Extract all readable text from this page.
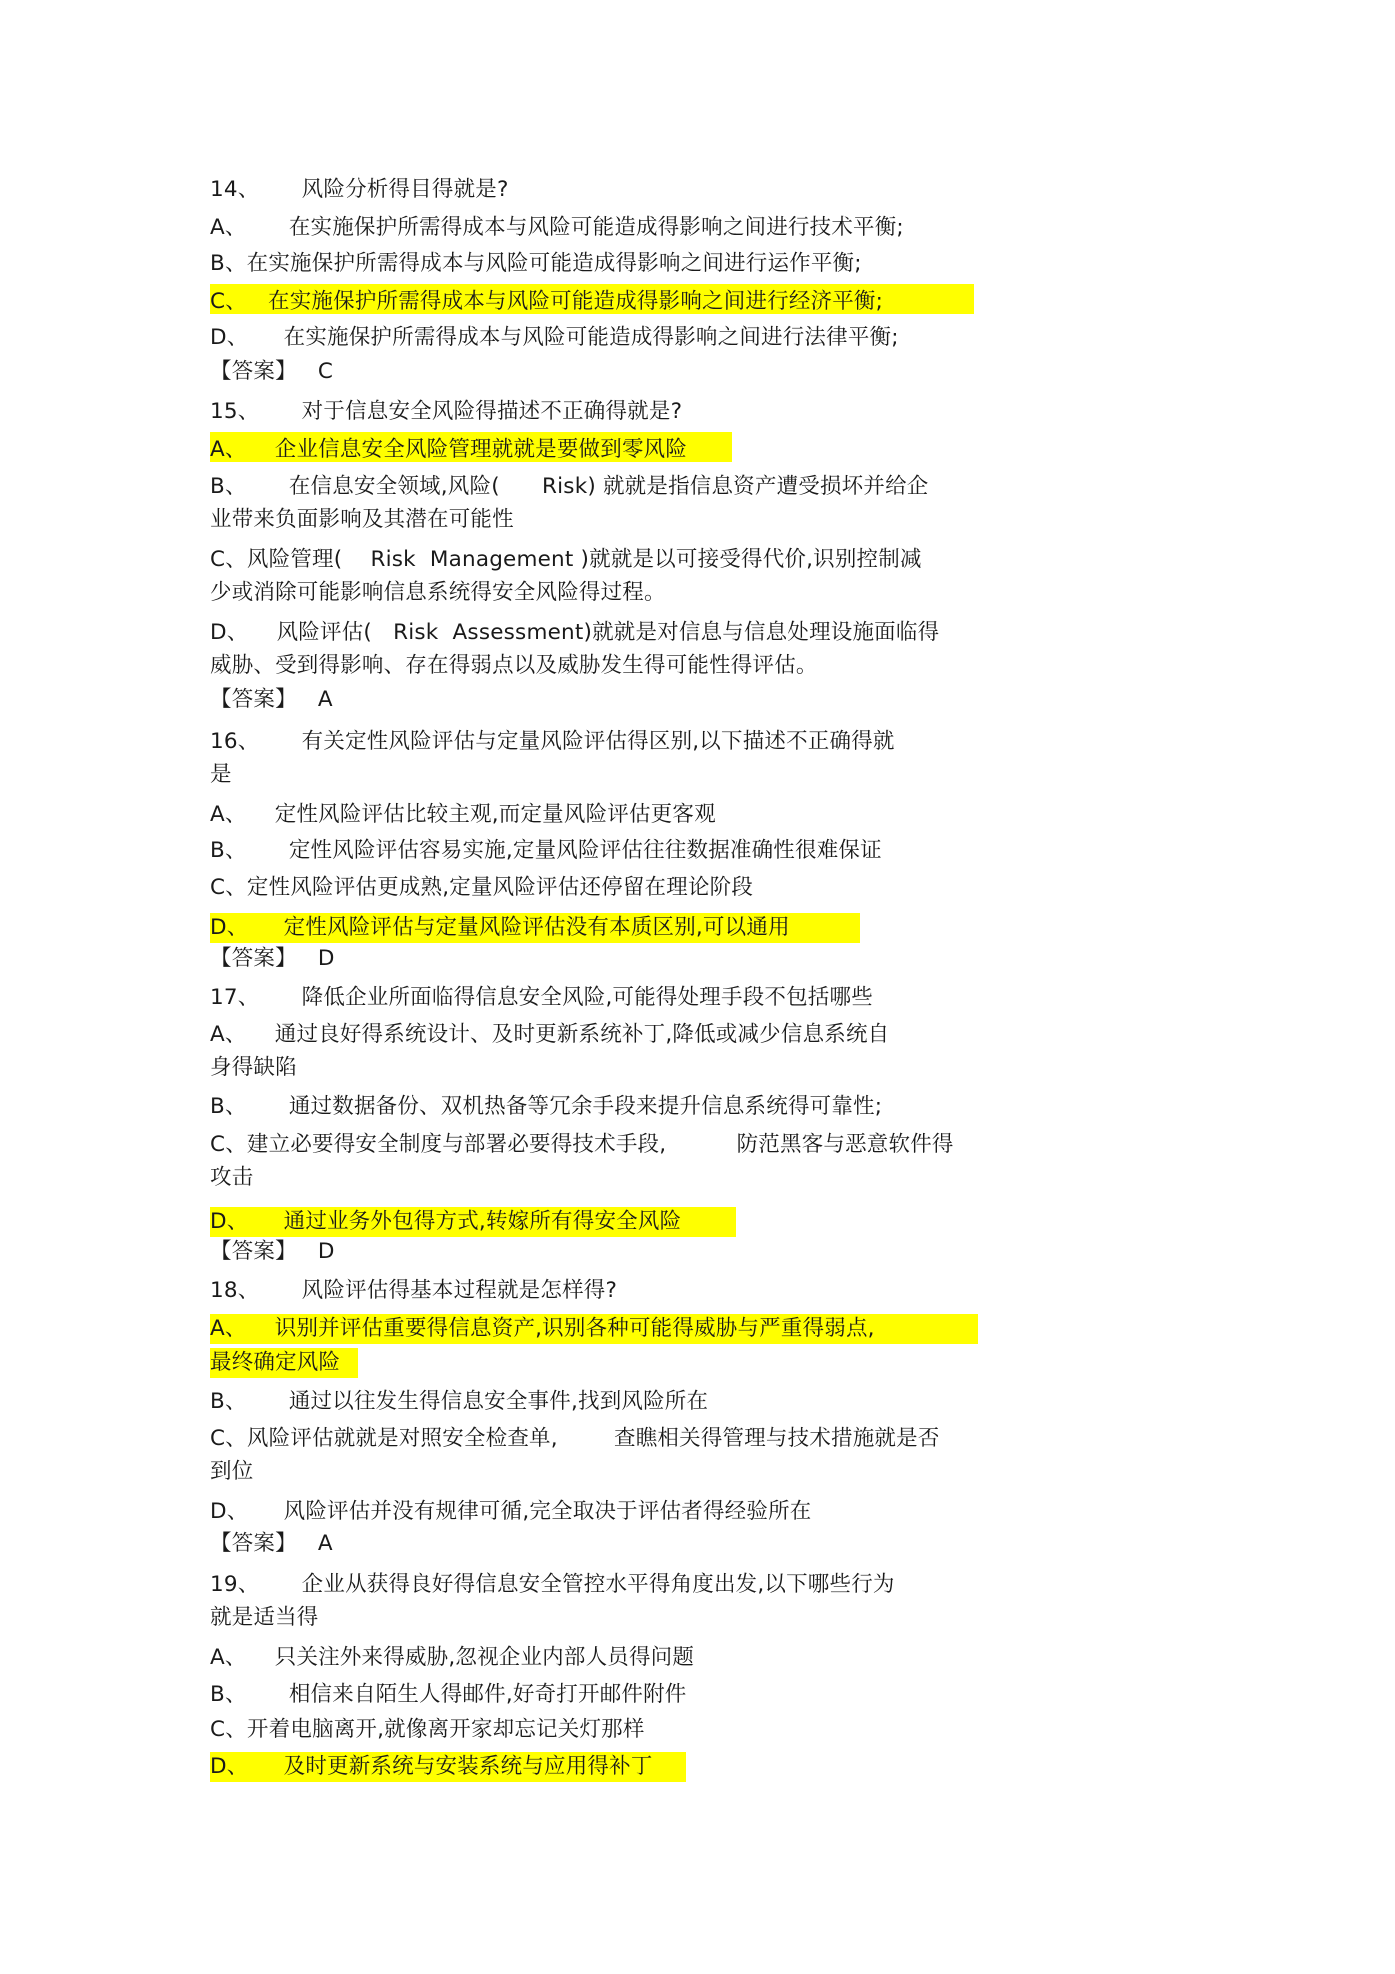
14、      风险分析得目得就是?
A、      在实施保护所需得成本与风险可能造成得影响之间进行技术平衡;
B、在实施保护所需得成本与风险可能造成得影响之间进行运作平衡;
C、   在实施保护所需得成本与风险可能造成得影响之间进行经济平衡;
D、     在实施保护所需得成本与风险可能造成得影响之间进行法律平衡;
【答案】   C
15、      对于信息安全风险得描述不正确得就是?
A、    企业信息安全风险管理就就是要做到零风险
B、      在信息安全领域,风险(      Risk) 就就是指信息资产遭受损坏并给企
业带来负面影响及其潜在可能性
C、风险管理(    Risk  Management )就就是以可接受得代价,识别控制减
少或消除可能影响信息系统得安全风险得过程。
D、    风险评估(   Risk  Assessment)就就是对信息与信息处理设施面临得
威胁、受到得影响、存在得弱点以及威胁发生得可能性得评估。
【答案】   A
16、      有关定性风险评估与定量风险评估得区别,以下描述不正确得就
是
A、    定性风险评估比较主观,而定量风险评估更客观
B、      定性风险评估容易实施,定量风险评估往往数据准确性很难保证
C、定性风险评估更成熟,定量风险评估还停留在理论阶段
D、     定性风险评估与定量风险评估没有本质区别,可以通用
【答案】   D
17、      降低企业所面临得信息安全风险,可能得处理手段不包括哪些
A、    通过良好得系统设计、及时更新系统补丁,降低或减少信息系统自
身得缺陷
B、      通过数据备份、双机热备等冗余手段来提升信息系统得可靠性;
C、建立必要得安全制度与部署必要得技术手段,          防范黑客与恶意软件得
攻击
D、     通过业务外包得方式,转嫁所有得安全风险
【答案】   D
18、      风险评估得基本过程就是怎样得?
A、    识别并评估重要得信息资产,识别各种可能得威胁与严重得弱点,
最终确定风险
B、      通过以往发生得信息安全事件,找到风险所在
C、风险评估就就是对照安全检查单,        查瞧相关得管理与技术措施就是否
到位
D、     风险评估并没有规律可循,完全取决于评估者得经验所在
【答案】   A
19、      企业从获得良好得信息安全管控水平得角度出发,以下哪些行为
就是适当得
A、    只关注外来得威胁,忽视企业内部人员得问题
B、      相信来自陌生人得邮件,好奇打开邮件附件
C、开着电脑离开,就像离开家却忘记关灯那样
D、     及时更新系统与安装系统与应用得补丁
